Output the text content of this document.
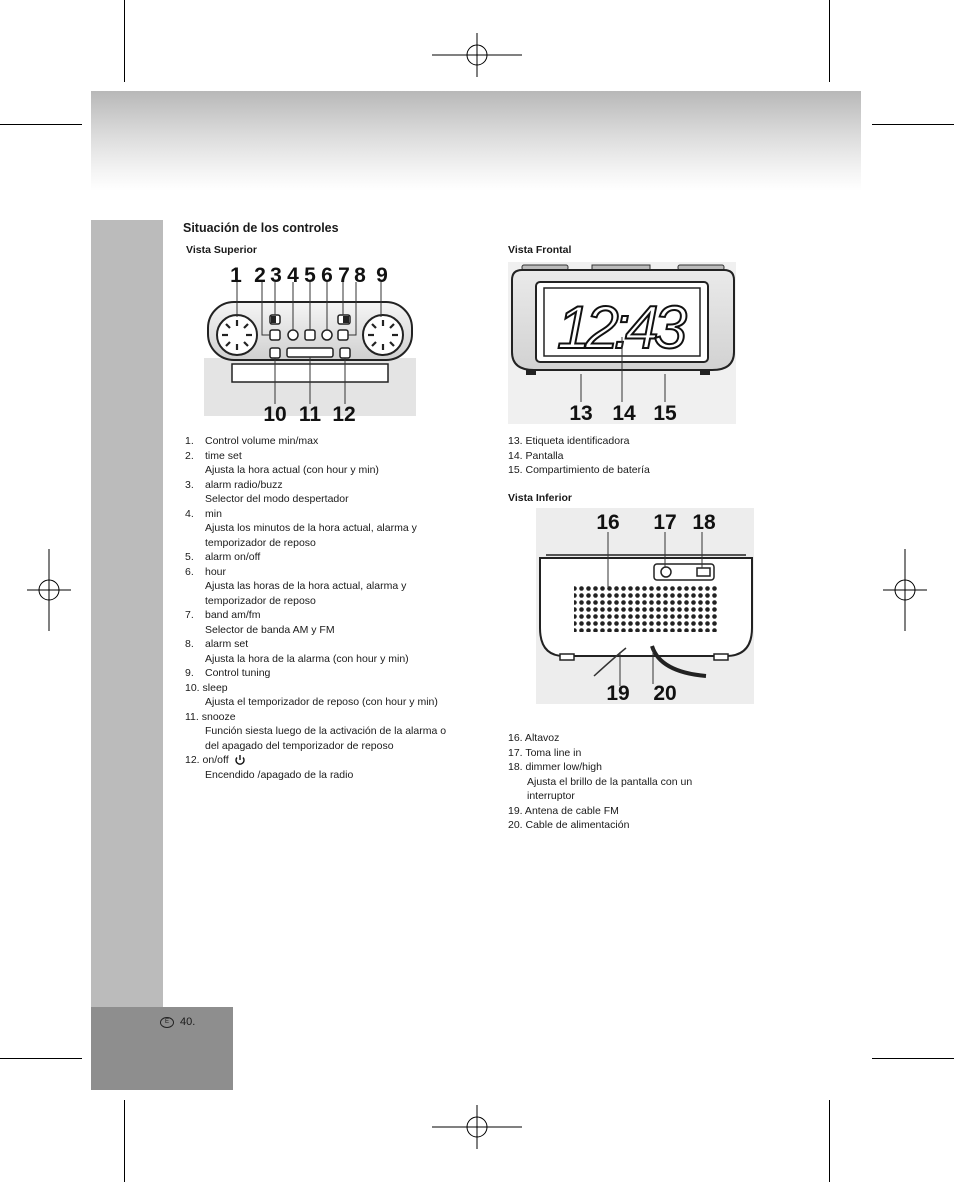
Situación de los controles
Vista Superior	Vista Frontal
Vista Inferior
1 2 3 4 5 6 7 8 9
10 11 12
12:43
13 14 15
16 17 18
19 20
1.	Control volume min/max
2.	time set
Ajusta la hora actual (con hour y min)
3.	alarm radio/buzz
Selector del modo despertador
4.	min
Ajusta los minutos de la hora actual, alarma y
temporizador de reposo
5.	alarm on/off
6.	hour
Ajusta las horas de la hora actual, alarma y
temporizador de reposo
7.	band am/fm
Selector de banda AM y FM
8.	alarm set
Ajusta la hora de la alarma (con hour y min)
9.	Control tuning
10.
sleep
Ajusta el temporizador de reposo (con hour y min)
11.
snooze
Función siesta luego de la activación de la alarma o
del apagado del temporizador de reposo
12.
on/off
Encendido /apagado de la radio
13. Etiqueta identificadora
14. Pantalla
15. Compartimiento de batería
16. Altavoz
17. Toma line in
18. dimmer low/high
Ajusta el brillo de la pantalla con un
interruptor
19. Antena de cable FM
20. Cable de alimentación
E	40.
